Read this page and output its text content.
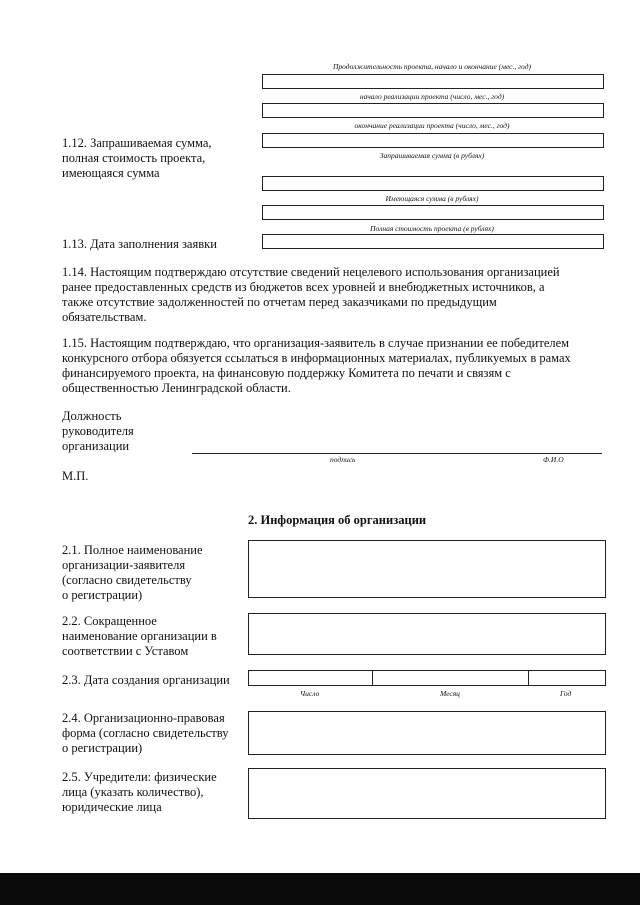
Продолжительность проекта, начало и окончание (мес., год)
начало реализации проекта (число, мес., год)
окончание реализации проекта (число, мес., год)
1.12. Запрашиваемая сумма,
полная стоимость проекта,
имеющаяся сумма
Запрашиваемая сумма (в рублях)
Имеющаяся сумма (в рублях)
Полная стоимость проекта (в рублях)
1.13. Дата заполнения заявки
1.14. Настоящим подтверждаю отсутствие сведений нецелевого использования организацией
ранее предоставленных средств из бюджетов всех уровней и внебюджетных источников, а
также отсутствие задолженностей по отчетам перед заказчиками по предыдущим
обязательствам.
1.15. Настоящим подтверждаю, что организация-заявитель в случае признании ее победителем
конкурсного отбора обязуется ссылаться в информационных материалах, публикуемых в рамах
финансируемого проекта, на финансовую поддержку Комитета по печати и связям с
общественностью Ленинградской области.
Должность
руководителя
организации
подпись	Ф.И.О
М.П.
2. Информация об организации
2.1. Полное наименование
организации-заявителя
(согласно свидетельству
о регистрации)
2.2. Сокращенное
наименование организации в
соответствии с Уставом
2.3. Дата создания организации
Число	Месяц	Год
2.4. Организационно-правовая
форма (согласно свидетельству
о регистрации)
2.5. Учредители: физические
лица (указать количество),
юридические лица
